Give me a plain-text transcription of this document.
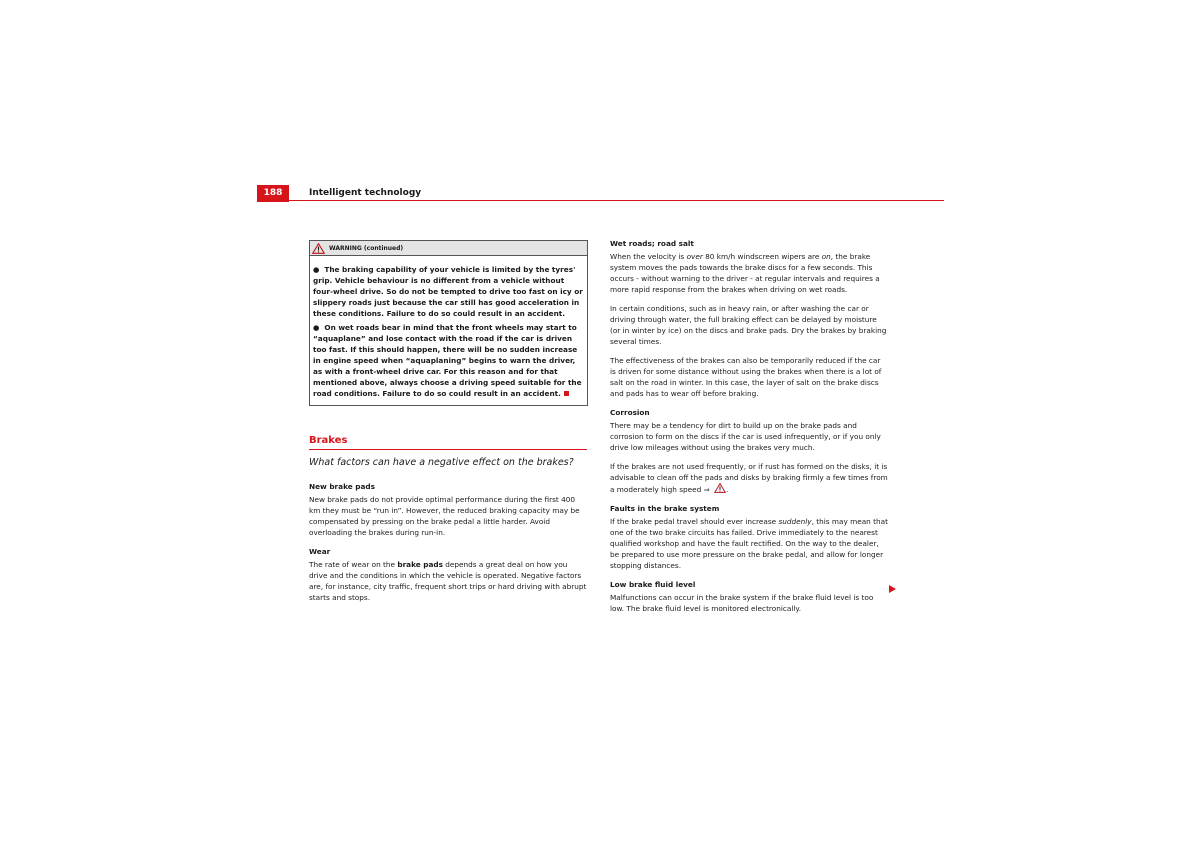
188	Intelligent technology
WARNING (continued)

● The braking capability of your vehicle is limited by the tyres' grip. Vehicle behaviour is no different from a vehicle without four-wheel drive. So do not be tempted to drive too fast on icy or slippery roads just because the car still has good acceleration in these conditions. Failure to do so could result in an accident.

● On wet roads bear in mind that the front wheels may start to “aquaplane” and lose contact with the road if the car is driven too fast. If this should happen, there will be no sudden increase in engine speed when “aquaplaning” begins to warn the driver, as with a front-wheel drive car. For this reason and for that mentioned above, always choose a driving speed suitable for the road conditions. Failure to do so could result in an accident.

Brakes

What factors can have a negative effect on the brakes?

New brake pads

New brake pads do not provide optimal performance during the first 400 km they must be “run in”. However, the reduced braking capacity may be compensated by pressing on the brake pedal a little harder. Avoid overloading the brakes during run-in.

Wear

The rate of wear on the brake pads depends a great deal on how you drive and the conditions in which the vehicle is operated. Negative factors are, for instance, city traffic, frequent short trips or hard driving with abrupt starts and stops.

Wet roads; road salt

When the velocity is over 80 km/h windscreen wipers are on, the brake system moves the pads towards the brake discs for a few seconds. This occurs - without warning to the driver - at regular intervals and requires a more rapid response from the brakes when driving on wet roads.

In certain conditions, such as in heavy rain, or after washing the car or driving through water, the full braking effect can be delayed by moisture (or in winter by ice) on the discs and brake pads. Dry the brakes by braking several times.

The effectiveness of the brakes can also be temporarily reduced if the car is driven for some distance without using the brakes when there is a lot of salt on the road in winter. In this case, the layer of salt on the brake discs and pads has to wear off before braking.

Corrosion

There may be a tendency for dirt to build up on the brake pads and corrosion to form on the discs if the car is used infrequently, or if you only drive low mileages without using the brakes very much.

If the brakes are not used frequently, or if rust has formed on the disks, it is advisable to clean off the pads and disks by braking firmly a few times from a moderately high speed ⇒ .

Faults in the brake system

If the brake pedal travel should ever increase suddenly, this may mean that one of the two brake circuits has failed. Drive immediately to the nearest qualified workshop and have the fault rectified. On the way to the dealer, be prepared to use more pressure on the brake pedal, and allow for longer stopping distances.

Low brake fluid level

Malfunctions can occur in the brake system if the brake fluid level is too low. The brake fluid level is monitored electronically.
